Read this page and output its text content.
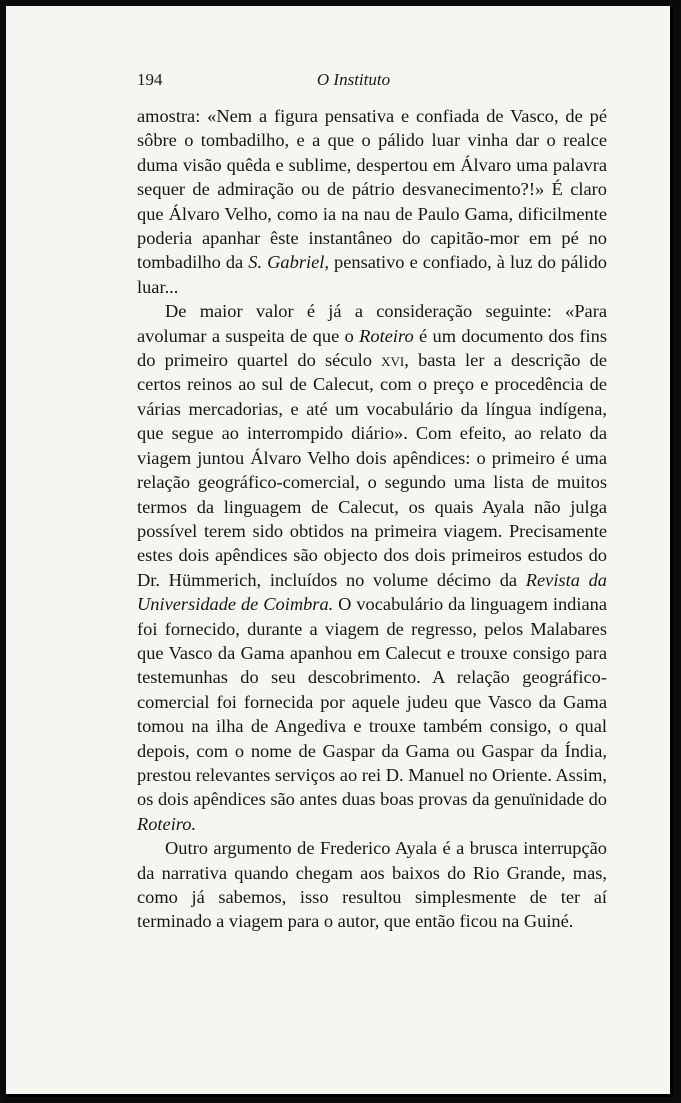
194	O Instituto

amostra: «Nem a figura pensativa e confiada de Vasco, de pé sôbre o tombadilho, e a que o pálido luar vinha dar o realce duma visão quêda e sublime, despertou em Álvaro uma palavra sequer de admiração ou de pátrio desvanecimento?!» É claro que Álvaro Velho, como ia na nau de Paulo Gama, dificilmente poderia apanhar êste instantâneo do capitão-mor em pé no tombadilho da S. Gabriel, pensativo e confiado, à luz do pálido luar...

De maior valor é já a consideração seguinte: «Para avolumar a suspeita de que o Roteiro é um documento dos fins do primeiro quartel do século xvi, basta ler a descrição de certos reinos ao sul de Calecut, com o preço e procedência de várias mercadorias, e até um vocabulário da língua indígena, que segue ao interrompido diário». Com efeito, ao relato da viagem juntou Álvaro Velho dois apêndices: o primeiro é uma relação geográfico-comercial, o segundo uma lista de muitos termos da linguagem de Calecut, os quais Ayala não julga possível terem sido obtidos na primeira viagem. Precisamente estes dois apêndices são objecto dos dois primeiros estudos do Dr. Hümmerich, incluídos no volume décimo da Revista da Universidade de Coimbra. O vocabulário da linguagem indiana foi fornecido, durante a viagem de regresso, pelos Malabares que Vasco da Gama apanhou em Calecut e trouxe consigo para testemunhas do seu descobrimento. A relação geográfico-comercial foi fornecida por aquele judeu que Vasco da Gama tomou na ilha de Angediva e trouxe também consigo, o qual depois, com o nome de Gaspar da Gama ou Gaspar da Índia, prestou relevantes serviços ao rei D. Manuel no Oriente. Assim, os dois apêndices são antes duas boas provas da genuïnidade do Roteiro.

Outro argumento de Frederico Ayala é a brusca interrupção da narrativa quando chegam aos baixos do Rio Grande, mas, como já sabemos, isso resultou simplesmente de ter aí terminado a viagem para o autor, que então ficou na Guiné.
